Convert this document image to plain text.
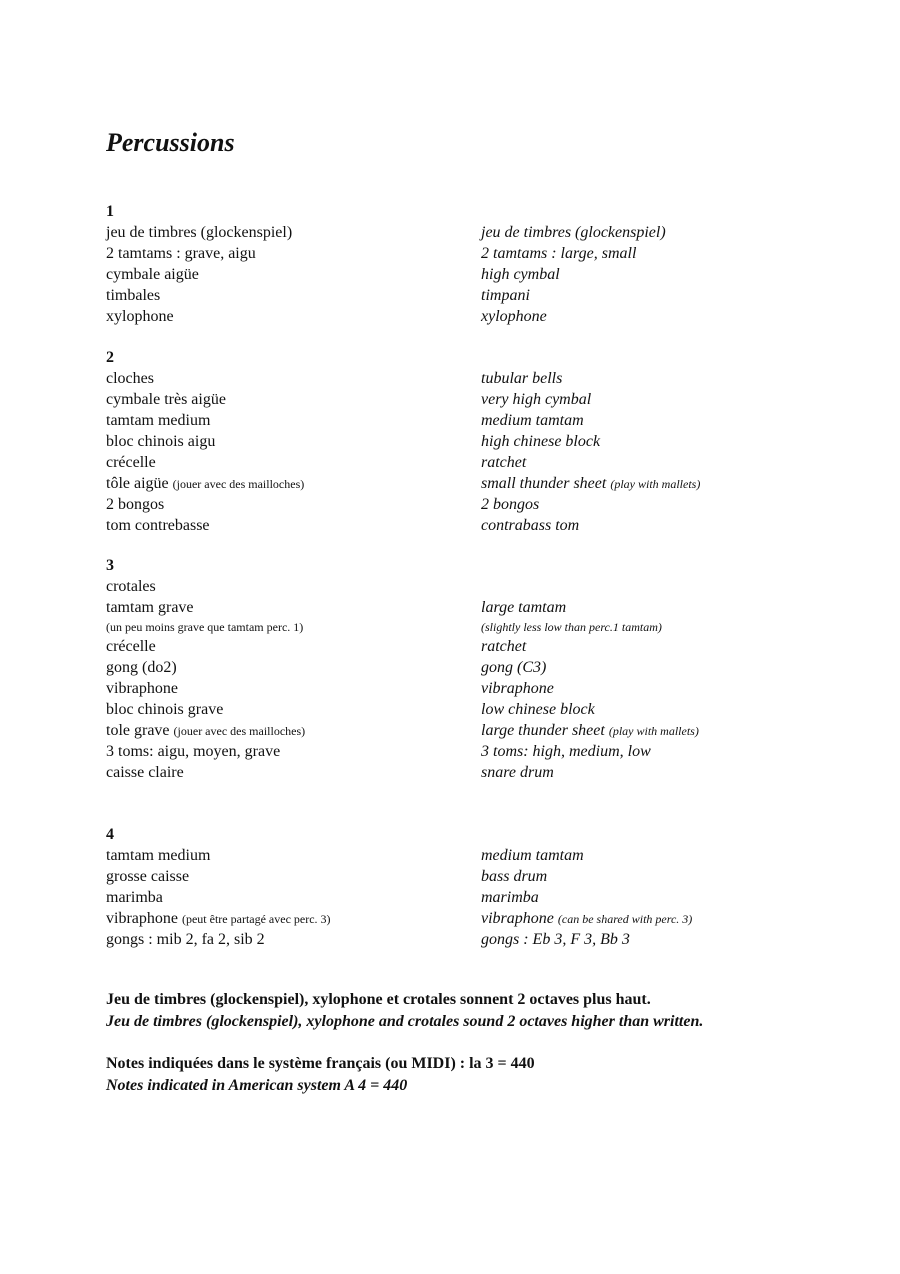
Percussions
1
jeu de timbres (glockenspiel)	jeu de timbres (glockenspiel)
2 tamtams : grave, aigu	2 tamtams : large, small
cymbale aigüe	high cymbal
timbales	timpani
xylophone	xylophone
2
cloches	tubular bells
cymbale très aigüe	very high cymbal
tamtam medium	medium tamtam
bloc chinois aigu	high chinese block
crécelle	ratchet
tôle aigüe (jouer avec des mailloches)	small thunder sheet (play with mallets)
2 bongos	2 bongos
tom contrebasse	contrabass tom
3
crotales
tamtam grave	large tamtam
(un peu moins grave que tamtam perc. 1)	(slightly less low than perc.1 tamtam)
crécelle	ratchet
gong (do2)	gong (C3)
vibraphone	vibraphone
bloc chinois grave	low chinese block
tole grave (jouer avec des mailloches)	large thunder sheet (play with mallets)
3 toms: aigu, moyen, grave	3 toms: high, medium, low
caisse claire	snare drum
4
tamtam medium	medium tamtam
grosse caisse	bass drum
marimba	marimba
vibraphone (peut être partagé avec perc. 3)	vibraphone (can be shared with perc. 3)
gongs : mib 2, fa 2, sib 2	gongs : Eb 3, F 3, Bb 3
Jeu de timbres (glockenspiel), xylophone et crotales sonnent 2 octaves plus haut.
Jeu de timbres (glockenspiel), xylophone and crotales sound 2 octaves higher than written.
Notes indiquées dans le système français (ou MIDI) : la 3 = 440
Notes indicated in American system A 4 = 440
